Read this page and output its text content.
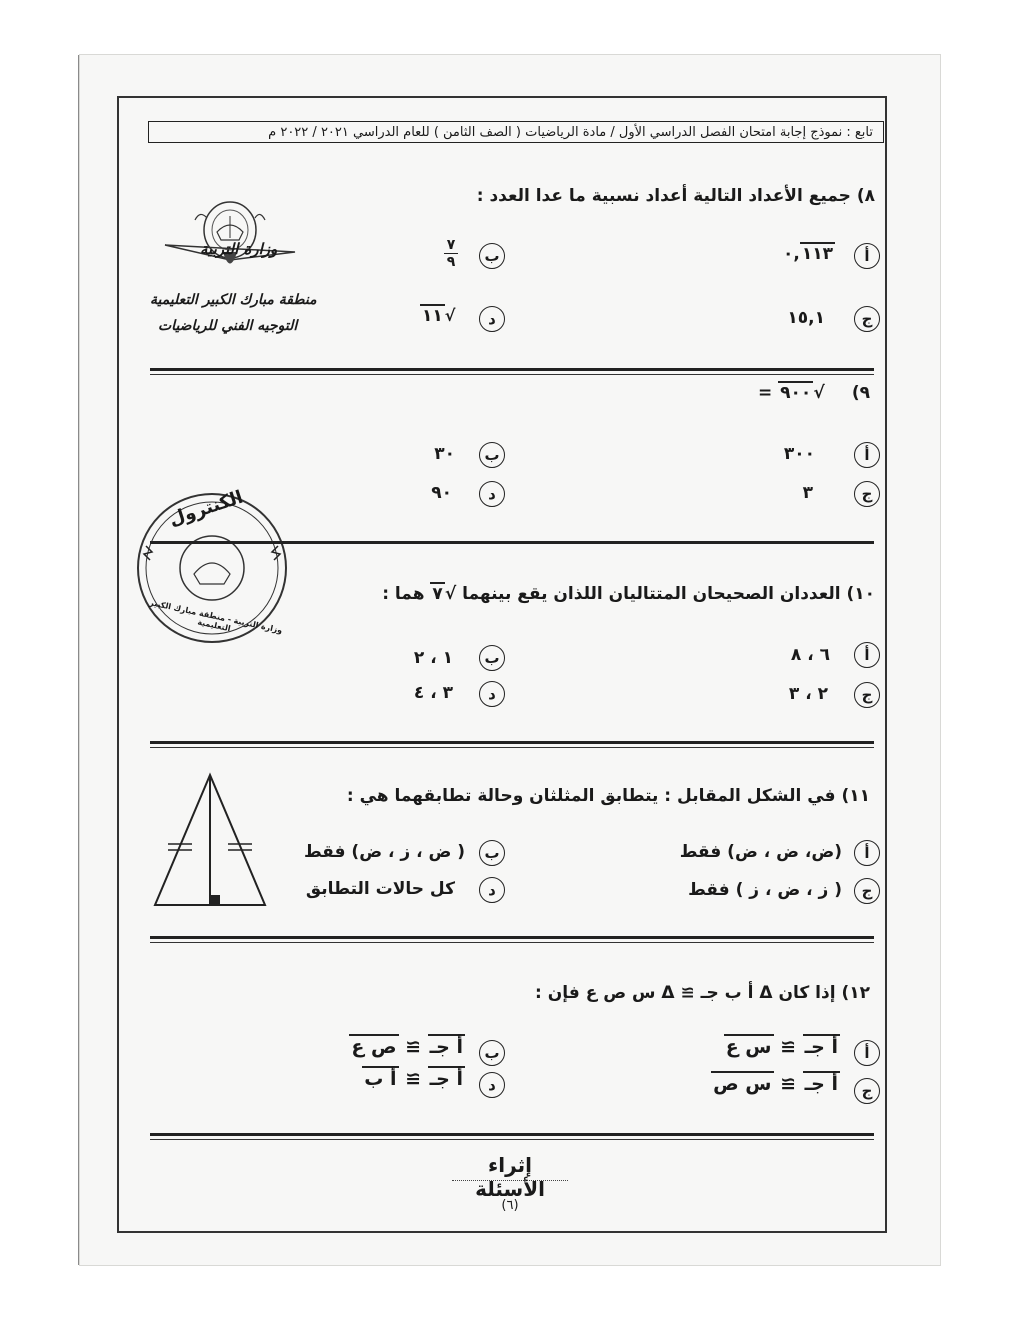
تابع : نموذج إجابة امتحان الفصل الدراسي الأول / مادة الرياضيات ( الصف الثامن ) للعام الدراسي ٢٠٢١ / ٢٠٢٢ م
وزارة التربية
منطقة مبارك الكبير التعليمية
التوجيه الفني للرياضيات
٨) جميع الأعداد التالية أعداد نسبية ما عدا العدد :
أ
٠, ١١٣
ب
٧
٩
ج
١٥,١
د
١١ √
٩)
= ٩٠٠ √
أ
٣٠٠
ب
٣٠
ج
٣
د
٩٠
الكنترول
وزارة التربية - منطقة مبارك الكبير التعليمية
١٠) العددان الصحيحان المتتاليان اللذان يقع بينهما ٧ √ هما :
أ
٦ ، ٨
ب
١ ، ٢
ج
٢ ، ٣
د
٣ ، ٤
١١) في الشكل المقابل : يتطابق المثلثان وحالة تطابقهما هي :
أ
(ض، ض ، ض) فقط
ب
( ض ، ز ، ض) فقط
ج
( ز ، ض ، ز ) فقط
د
كل حالات التطابق
١٢) إذا كان Δ أ ب جـ ≅ Δ س ص ع فإن :
أ
أ جـ ≅ س ع
ب
أ جـ ≅ ص ع
ج
أ جـ ≅ س ص
د
أ جـ ≅ أ ب
إثراء الأسئلة
(٦)
